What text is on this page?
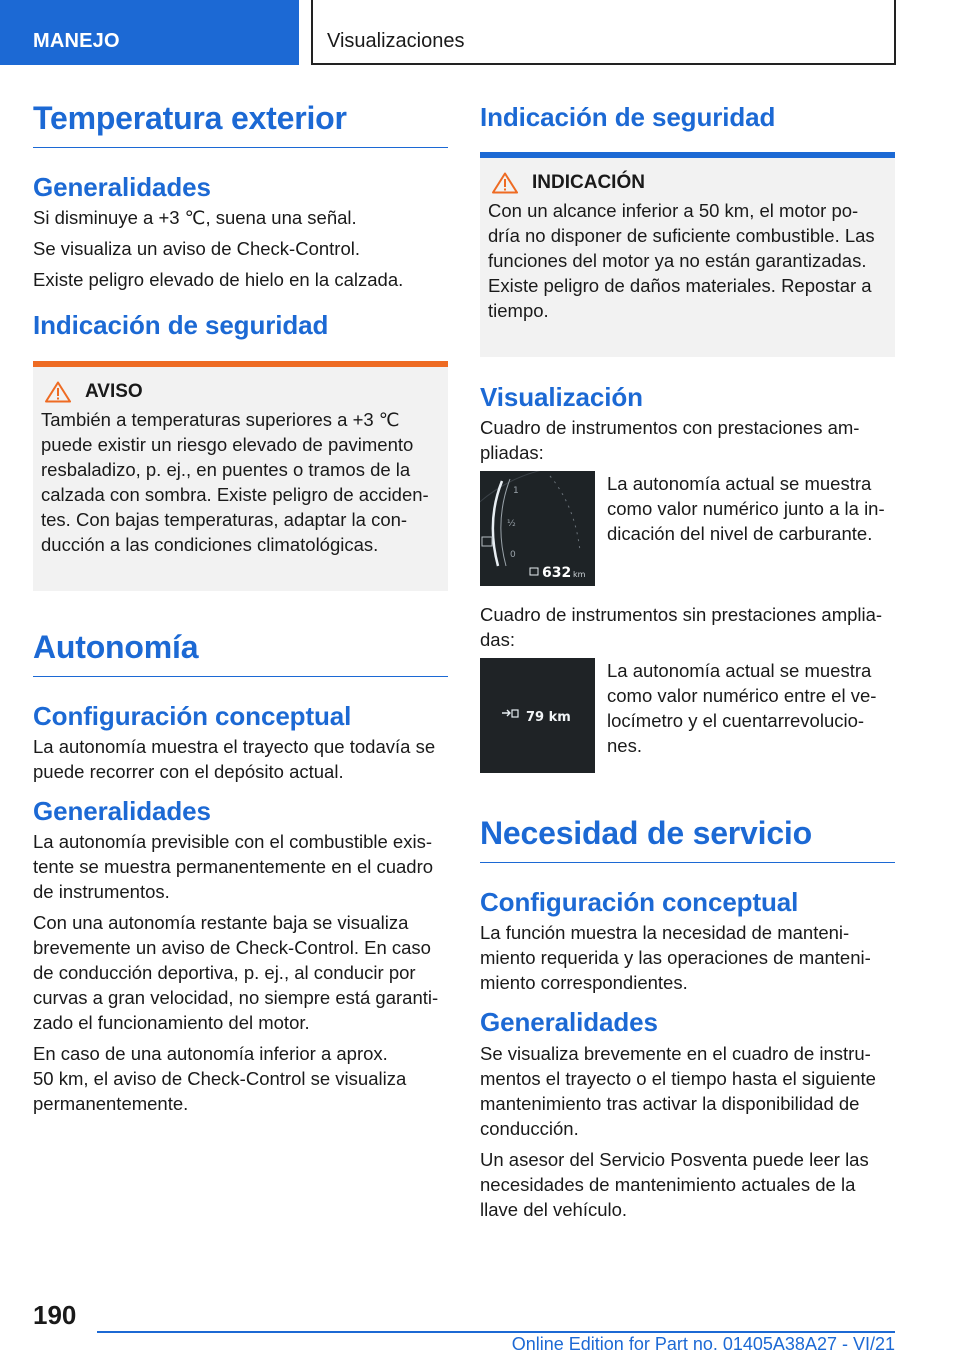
MANEJO	Visualizaciones
Temperatura exterior
Generalidades

Si disminuye a +3 ℃, suena una señal.

Se visualiza un aviso de Check-Control.

Existe peligro elevado de hielo en la calzada.

Indicación de seguridad
AVISO

También a temperaturas superiores a +3 ℃
puede existir un riesgo elevado de pavimento
resbaladizo, p. ej., en puentes o tramos de la
calzada con sombra. Existe peligro de acciden-
tes. Con bajas temperaturas, adaptar la con-
ducción a las condiciones climatológicas.

Autonomía
Configuración conceptual

La autonomía muestra el trayecto que todavía se
puede recorrer con el depósito actual.

Generalidades

La autonomía previsible con el combustible exis-
tente se muestra permanentemente en el cuadro
de instrumentos.

Con una autonomía restante baja se visualiza
brevemente un aviso de Check-Control. En caso
de conducción deportiva, p. ej., al conducir por
curvas a gran velocidad, no siempre está garanti-
zado el funcionamiento del motor.

En caso de una autonomía inferior a aprox.
50 km, el aviso de Check-Control se visualiza
permanentemente.

Indicación de seguridad
INDICACIÓN

Con un alcance inferior a 50 km, el motor po-
dría no disponer de suficiente combustible. Las
funciones del motor ya no están garantizadas.
Existe peligro de daños materiales. Repostar a
tiempo.

Visualización

Cuadro de instrumentos con prestaciones am-
pliadas:

1
½
0
632 km

La autonomía actual se muestra
como valor numérico junto a la in-
dicación del nivel de carburante.

Cuadro de instrumentos sin prestaciones amplia-
das:

79 km

La autonomía actual se muestra
como valor numérico entre el ve-
locímetro y el cuentarrevolucio-
nes.

Necesidad de servicio
Configuración conceptual

La función muestra la necesidad de manteni-
miento requerida y las operaciones de manteni-
miento correspondientes.

Generalidades

Se visualiza brevemente en el cuadro de instru-
mentos el trayecto o el tiempo hasta el siguiente
mantenimiento tras activar la disponibilidad de
conducción.

Un asesor del Servicio Posventa puede leer las
necesidades de mantenimiento actuales de la
llave del vehículo.

190
Online Edition for Part no. 01405A38A27 - VI/21
